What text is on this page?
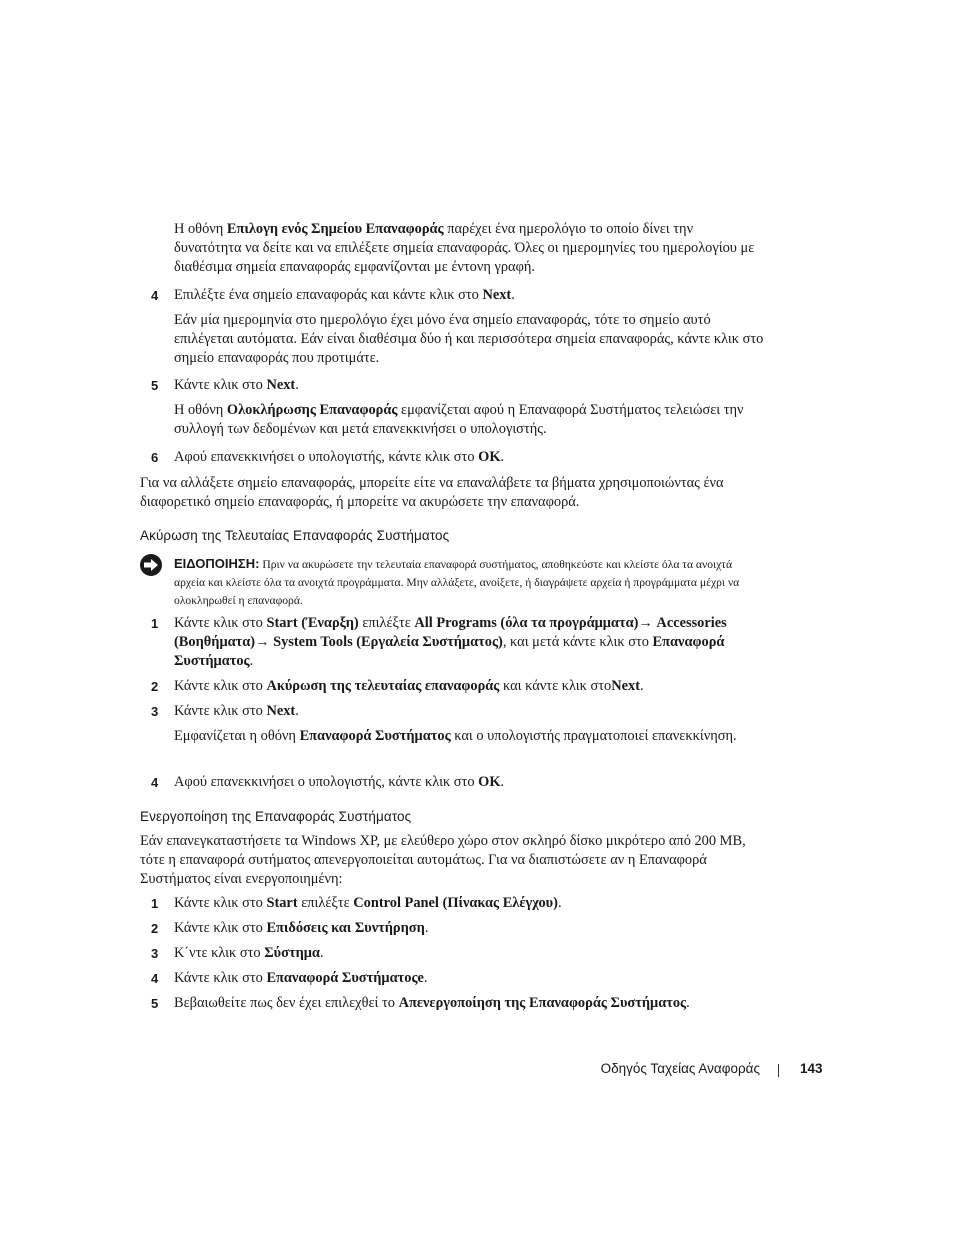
Η οθόνη Επιλογη ενός Σημείου Επαναφοράς παρέχει ένα ημερολόγιο το οποίο δίνει την δυνατότητα να δείτε και να επιλέξετε σημεία επαναφοράς. Όλες οι ημερομηνίες του ημερολογίου με διαθέσιμα σημεία επαναφοράς εμφανίζονται με έντονη γραφή.

4 Επιλέξτε ένα σημείο επαναφοράς και κάντε κλικ στο Next.

Εάν μία ημερομηνία στο ημερολόγιο έχει μόνο ένα σημείο επαναφοράς, τότε το σημείο αυτό επιλέγεται αυτόματα. Εάν είναι διαθέσιμα δύο ή και περισσότερα σημεία επαναφοράς, κάντε κλικ στο σημείο επαναφοράς που προτιμάτε.

5 Κάντε κλικ στο Next.

Η οθόνη Ολοκλήρωσης Επαναφοράς εμφανίζεται αφού η Επαναφορά Συστήματος τελειώσει την συλλογή των δεδομένων και μετά επανεκκινήσει ο υπολογιστής.

6 Αφού επανεκκινήσει ο υπολογιστής, κάντε κλικ στο OK.

Για να αλλάξετε σημείο επαναφοράς, μπορείτε είτε να επαναλάβετε τα βήματα χρησιμοποιώντας ένα διαφορετικό σημείο επαναφοράς, ή μπορείτε να ακυρώσετε την επαναφορά.

Ακύρωση της Τελευταίας Επαναφοράς Συστήματος

ΕΙΔΟΠΟΙΗΣΗ: Πριν να ακυρώσετε την τελευταία επαναφορά συστήματος, αποθηκεύστε και κλείστε όλα τα ανοιχτά αρχεία και κλείστε όλα τα ανοιχτά προγράμματα. Μην αλλάξετε, ανοίξετε, ή διαγράψετε αρχεία ή προγράμματα μέχρι να ολοκληρωθεί η επαναφορά.

1 Κάντε κλικ στο Start (Έναρξη) επιλέξτε All Programs (όλα τα προγράμματα)→ Accessories (Βοηθήματα)→ System Tools (Εργαλεία Συστήματος), και μετά κάντε κλικ στο Επαναφορά Συστήματος.

2 Κάντε κλικ στο Ακύρωση της τελευταίας επαναφοράς και κάντε κλικ στοNext.

3 Κάντε κλικ στο Next.

Εμφανίζεται η οθόνη Επαναφορά Συστήματος και ο υπολογιστής πραγματοποιεί επανεκκίνηση.

4 Αφού επανεκκινήσει ο υπολογιστής, κάντε κλικ στο OK.

Ενεργοποίηση της Επαναφοράς Συστήματος

Εάν επανεγκαταστήσετε τα Windows XP, με ελεύθερο χώρο στον σκληρό δίσκο μικρότερο από 200 MB, τότε η επαναφορά συτήματος απενεργοποιείται αυτομάτως. Για να διαπιστώσετε αν η Επαναφορά Συστήματος είναι ενεργοποιημένη:

1 Κάντε κλικ στο Start επιλέξτε Control Panel (Πίνακας Ελέγχου).

2 Κάντε κλικ στο Επιδόσεις και Συντήρηση.

3 Κ΄ντε κλικ στο Σύστημα.

4 Κάντε κλικ στο Επαναφορά Συστήματοςe.

5 Βεβαιωθείτε πως δεν έχει επιλεχθεί το Απενεργοποίηση της Επαναφοράς Συστήματος.

Οδηγός Ταχείας Αναφοράς	143
